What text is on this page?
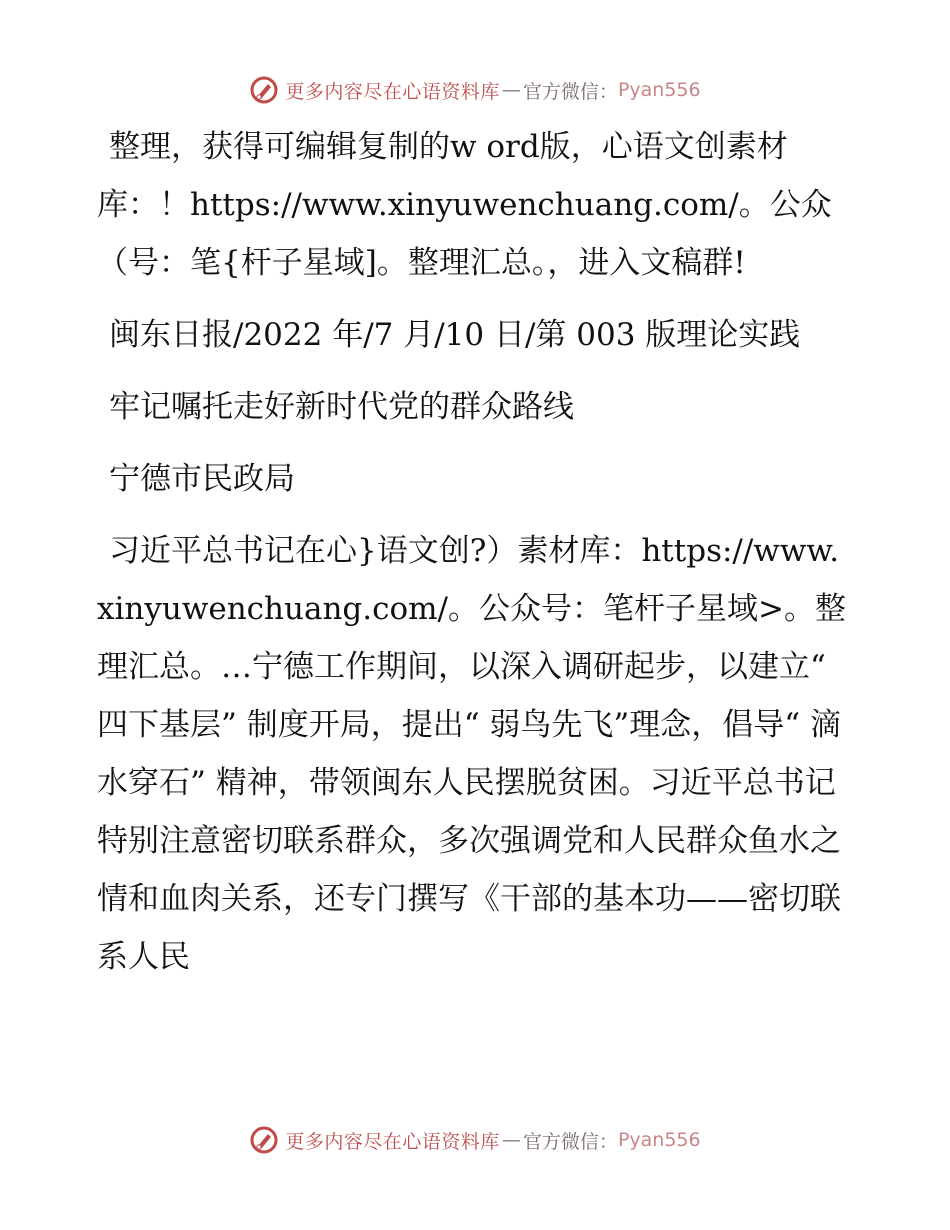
更多内容尽在心语资料库 — 官方微信： Pyan556

整理，获得可编辑复制的w ord版，心语文创素材库：！https://www.xinyuwenchuang.com/。公众（号：笔{杆子星域]。整理汇总。，进入文稿群!

闽东日报/2022 年/7 月/10 日/第 003 版理论实践

牢记嘱托走好新时代党的群众路线

宁德市民政局

习近平总书记在心}语文创?）素材库：https://www.xinyuwenchuang.com/。公众号：笔杆子星域>。整理汇总。…宁德工作期间，以深入调研起步，以建立“ 四下基层” 制度开局，提出“ 弱鸟先飞”理念，倡导“ 滴水穿石” 精神，带领闽东人民摆脱贫困。习近平总书记特别注意密切联系群众，多次强调党和人民群众鱼水之情和血肉关系，还专门撰写《干部的基本功——密切联系人民

更多内容尽在心语资料库 — 官方微信： Pyan556
